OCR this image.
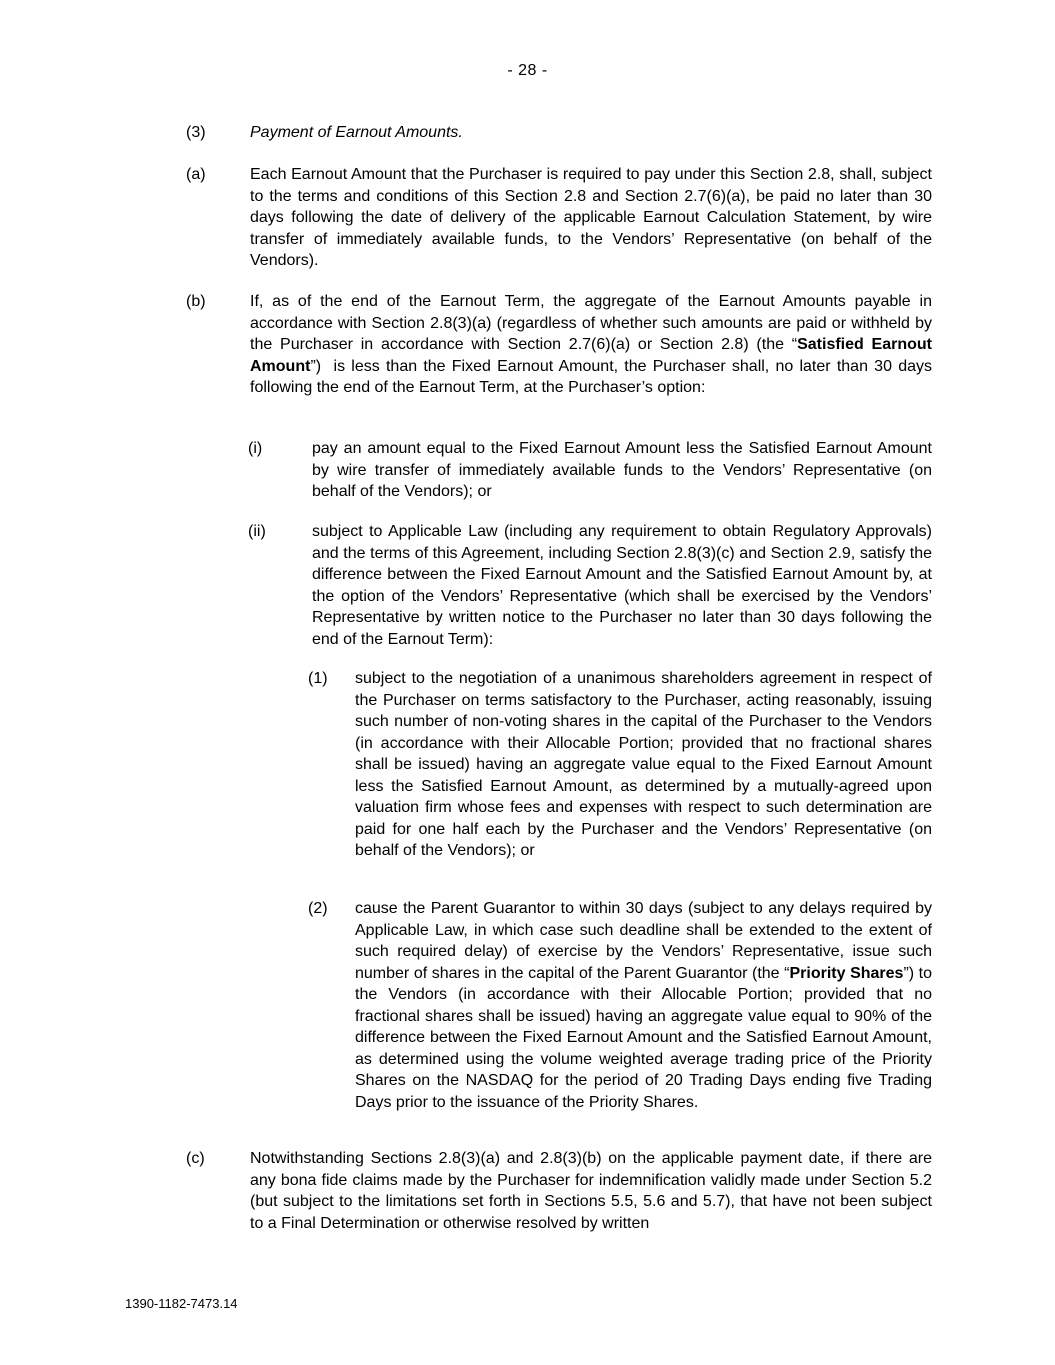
- 28 -
(3)	Payment of Earnout Amounts.
(a)	Each Earnout Amount that the Purchaser is required to pay under this Section 2.8, shall, subject to the terms and conditions of this Section 2.8 and Section 2.7(6)(a), be paid no later than 30 days following the date of delivery of the applicable Earnout Calculation Statement, by wire transfer of immediately available funds, to the Vendors’ Representative (on behalf of the Vendors).
(b)	If, as of the end of the Earnout Term, the aggregate of the Earnout Amounts payable in accordance with Section 2.8(3)(a) (regardless of whether such amounts are paid or withheld by the Purchaser in accordance with Section 2.7(6)(a) or Section 2.8) (the “Satisfied Earnout Amount”)  is less than the Fixed Earnout Amount, the Purchaser shall, no later than 30 days following the end of the Earnout Term, at the Purchaser’s option:
(i)	pay an amount equal to the Fixed Earnout Amount less the Satisfied Earnout Amount by wire transfer of immediately available funds to the Vendors’ Representative (on behalf of the Vendors); or
(ii)	subject to Applicable Law (including any requirement to obtain Regulatory Approvals) and the terms of this Agreement, including Section 2.8(3)(c) and Section 2.9, satisfy the difference between the Fixed Earnout Amount and the Satisfied Earnout Amount by, at the option of the Vendors’ Representative (which shall be exercised by the Vendors’ Representative by written notice to the Purchaser no later than 30 days following the end of the Earnout Term):
(1) subject to the negotiation of a unanimous shareholders agreement in respect of the Purchaser on terms satisfactory to the Purchaser, acting reasonably, issuing such number of non-voting shares in the capital of the Purchaser to the Vendors (in accordance with their Allocable Portion; provided that no fractional shares shall be issued) having an aggregate value equal to the Fixed Earnout Amount less the Satisfied Earnout Amount, as determined by a mutually-agreed upon valuation firm whose fees and expenses with respect to such determination are paid for one half each by the Purchaser and the Vendors’ Representative (on behalf of the Vendors); or
(2) cause the Parent Guarantor to within 30 days (subject to any delays required by Applicable Law, in which case such deadline shall be extended to the extent of such required delay) of exercise by the Vendors’ Representative, issue such number of shares in the capital of the Parent Guarantor (the “Priority Shares”) to the Vendors (in accordance with their Allocable Portion; provided that no fractional shares shall be issued) having an aggregate value equal to 90% of the difference between the Fixed Earnout Amount and the Satisfied Earnout Amount, as determined using the volume weighted average trading price of the Priority Shares on the NASDAQ for the period of 20 Trading Days ending five Trading Days prior to the issuance of the Priority Shares.
(c)	Notwithstanding Sections 2.8(3)(a) and 2.8(3)(b) on the applicable payment date, if there are any bona fide claims made by the Purchaser for indemnification validly made under Section 5.2 (but subject to the limitations set forth in Sections 5.5, 5.6 and 5.7), that have not been subject to a Final Determination or otherwise resolved by written
1390-1182-7473.14
